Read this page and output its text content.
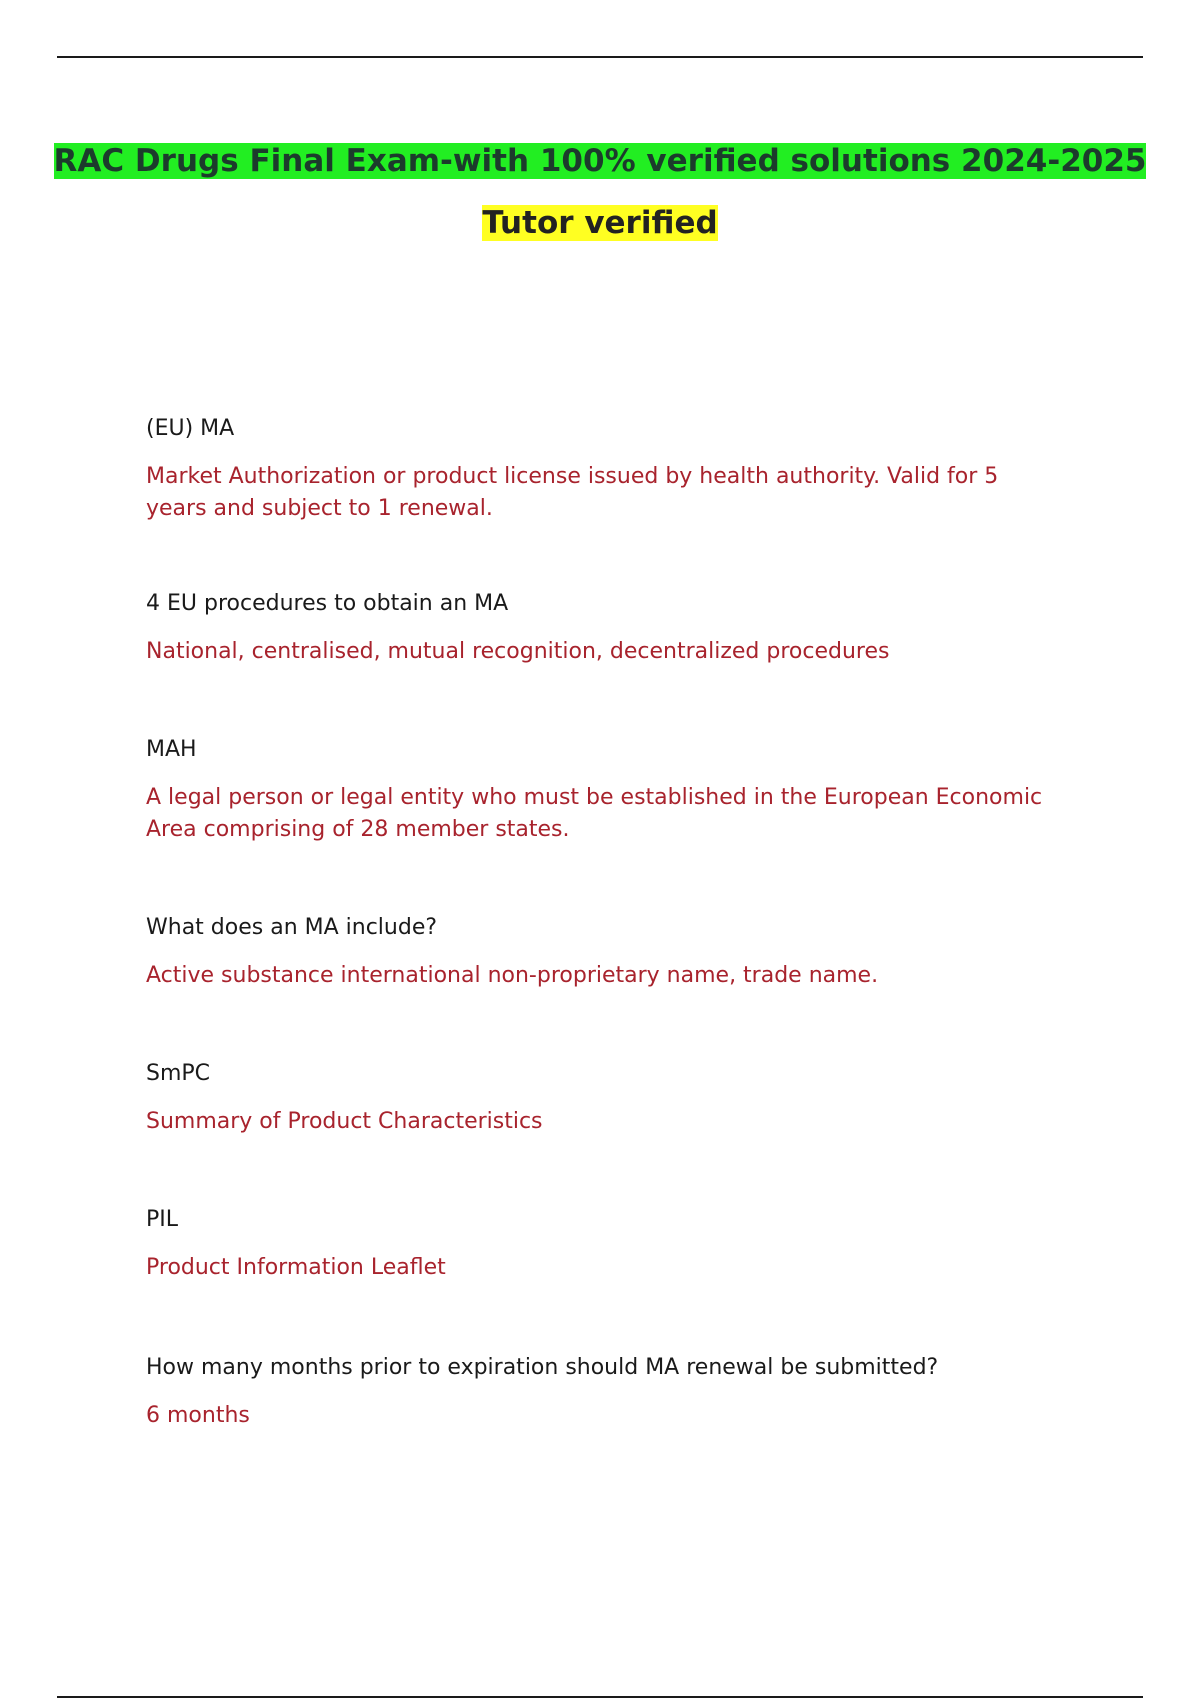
RAC Drugs Final Exam-with 100% verified solutions 2024-2025
Tutor verified

(EU) MA

Market Authorization or product license issued by health authority. Valid for 5 years and subject to 1 renewal.

4 EU procedures to obtain an MA

National, centralised, mutual recognition, decentralized procedures

MAH

A legal person or legal entity who must be established in the European Economic Area comprising of 28 member states.

What does an MA include?

Active substance international non-proprietary name, trade name.

SmPC

Summary of Product Characteristics

PIL

Product Information Leaflet

How many months prior to expiration should MA renewal be submitted?

6 months
